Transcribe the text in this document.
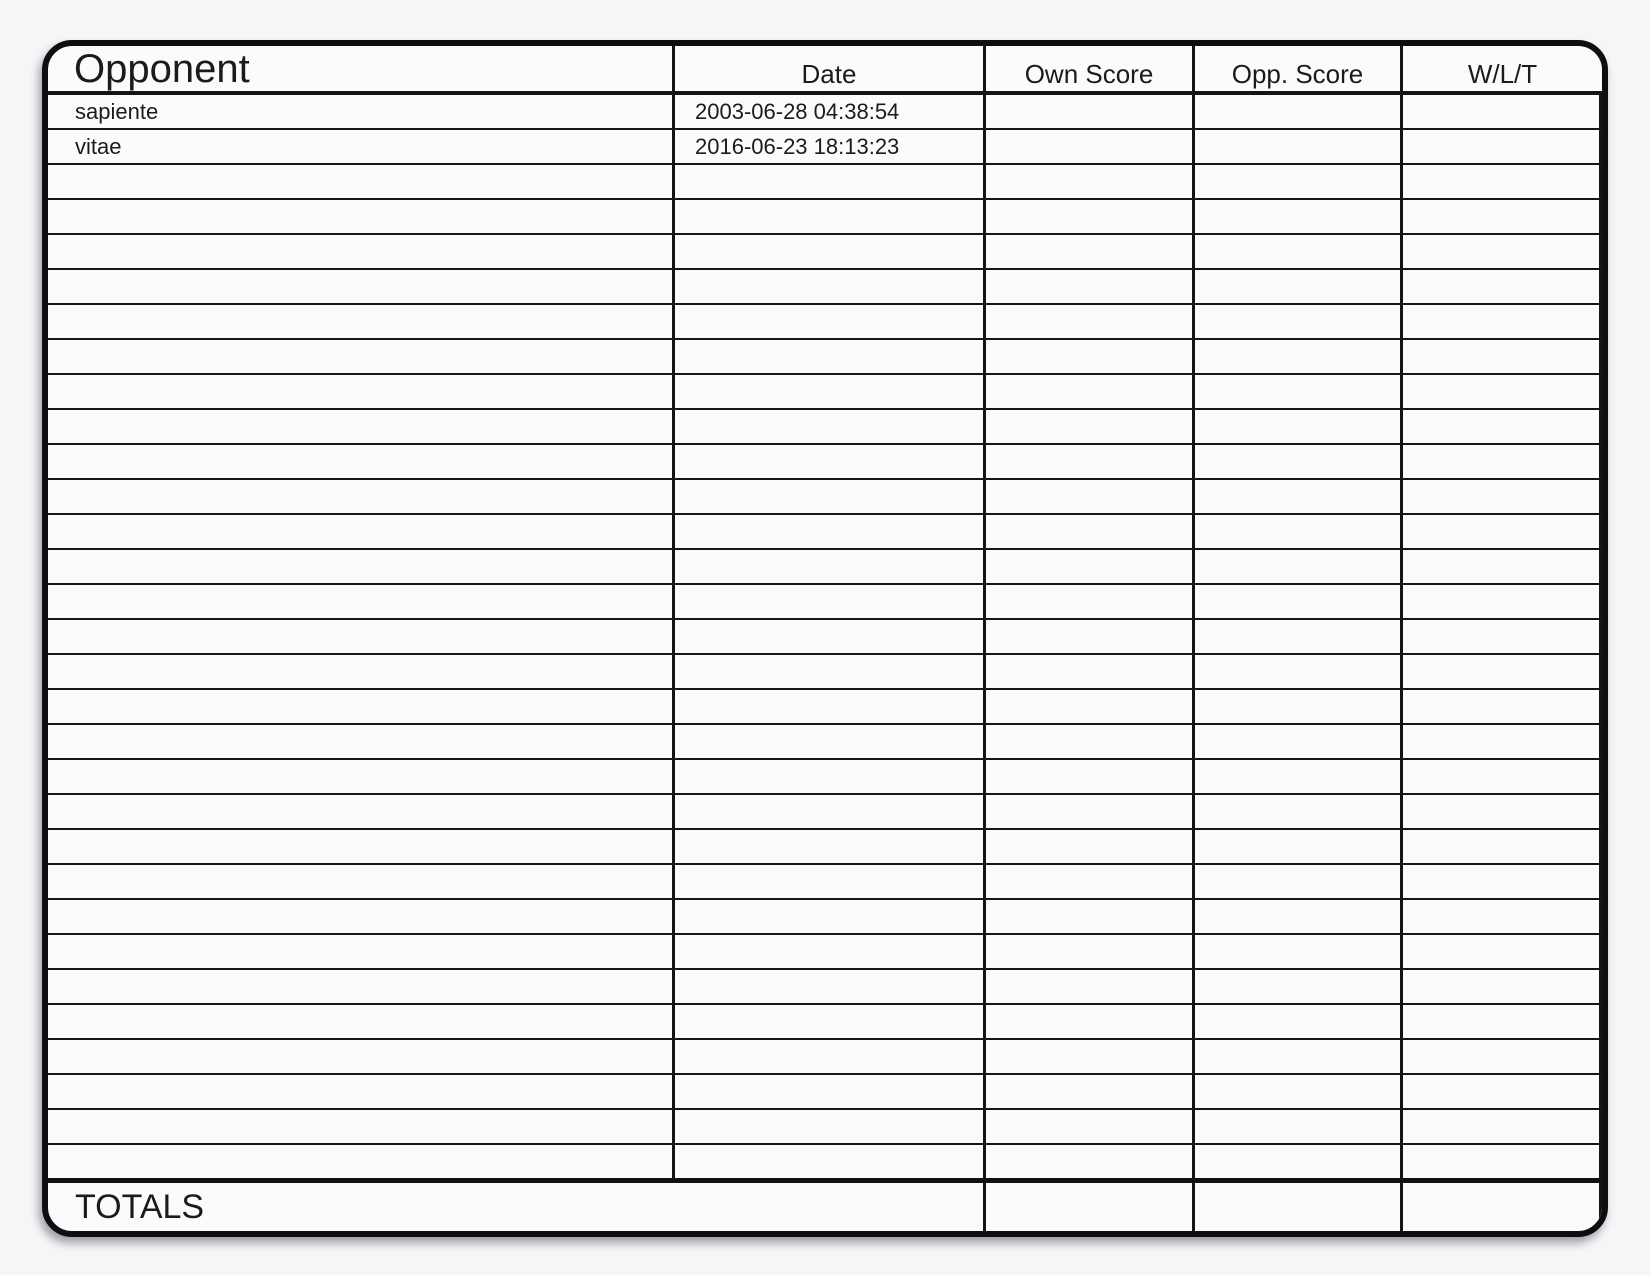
Opponent	Date	Own Score	Opp. Score	W/L/T
sapiente	2003-06-28 04:38:54
vitae	2016-06-23 18:13:23
TOTALS
